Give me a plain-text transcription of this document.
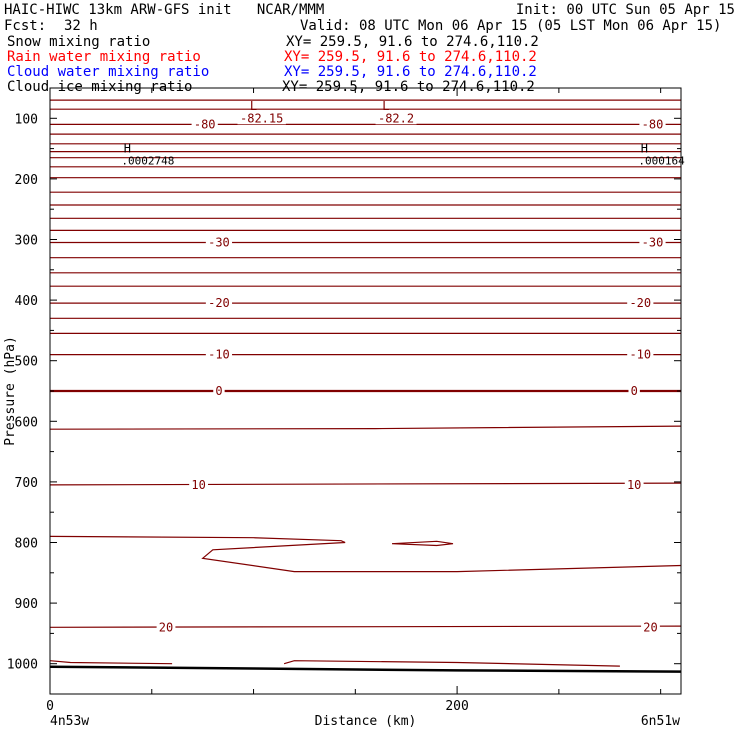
HAIC-HIWC 13km ARW-GFS init   NCAR/MMM	Init: 00 UTC Sun 05 Apr 15
Fcst: 32 h	Valid: 08 UTC Mon 06 Apr 15 (05 LST Mon 06 Apr 15)
Snow mixing ratio	XY= 259.5, 91.6 to 274.6,110.2
Rain water mixing ratio	XY= 259.5, 91.6 to 274.6,110.2
Cloud water mixing ratio	XY= 259.5, 91.6 to 274.6,110.2
Cloud ice mixing ratio	XY= 259.5, 91.6 to 274.6,110.2
100
200
300
400
500
600
700
800
900
1000
0	200
Distance (km)
Pressure (hPa)
4n53w	6n51w
-80	-80
-82.15	-82.2
-30	-30
-20	-20
-10	-10
0	0
10	10
20	20
L	L
H
.0002748
H
.000164
